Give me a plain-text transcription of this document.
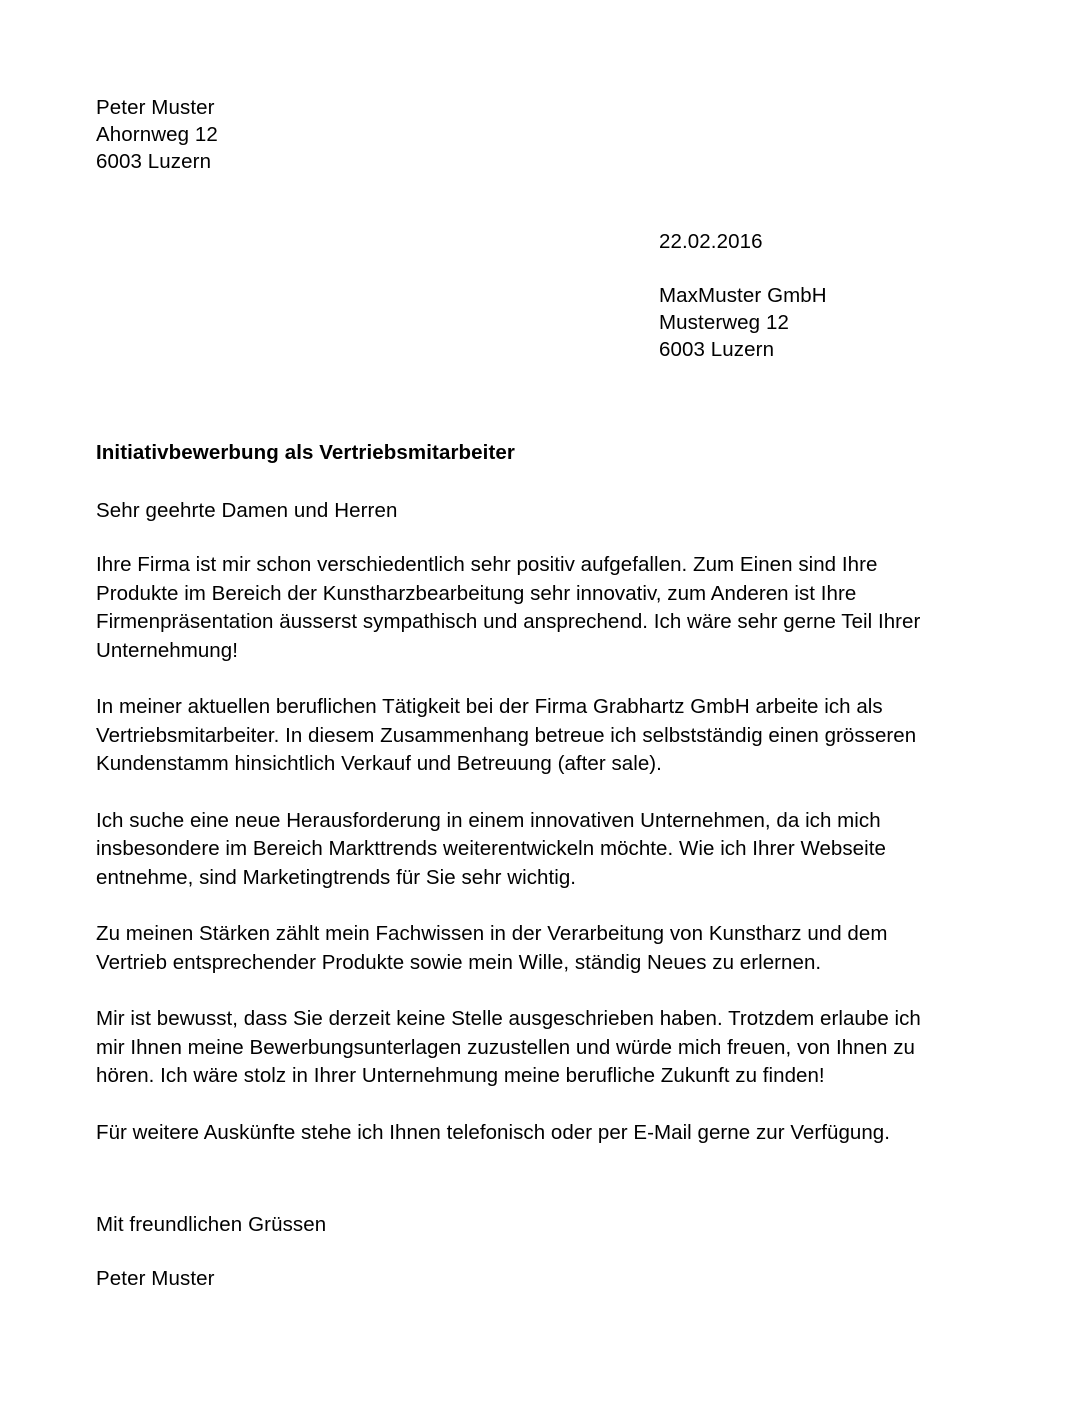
Peter Muster
Ahornweg 12
6003 Luzern
22.02.2016
MaxMuster GmbH
Musterweg 12
6003 Luzern
Initiativbewerbung als Vertriebsmitarbeiter
Sehr geehrte Damen und Herren

Ihre Firma ist mir schon verschiedentlich sehr positiv aufgefallen. Zum Einen sind Ihre Produkte im Bereich der Kunstharzbearbeitung sehr innovativ, zum Anderen ist Ihre Firmenpräsentation äusserst sympathisch und ansprechend. Ich wäre sehr gerne Teil Ihrer Unternehmung!

In meiner aktuellen beruflichen Tätigkeit bei der Firma Grabhartz GmbH arbeite ich als Vertriebsmitarbeiter. In diesem Zusammenhang betreue ich selbstständig einen grösseren Kundenstamm hinsichtlich Verkauf und Betreuung (after sale).

Ich suche eine neue Herausforderung in einem innovativen Unternehmen, da ich mich insbesondere im Bereich Markttrends weiterentwickeln möchte. Wie ich Ihrer Webseite entnehme, sind Marketingtrends für Sie sehr wichtig.

Zu meinen Stärken zählt mein Fachwissen in der Verarbeitung von Kunstharz und dem Vertrieb entsprechender Produkte sowie mein Wille, ständig Neues zu erlernen.

Mir ist bewusst, dass Sie derzeit keine Stelle ausgeschrieben haben. Trotzdem erlaube ich mir Ihnen meine Bewerbungsunterlagen zuzustellen und würde mich freuen, von Ihnen zu hören. Ich wäre stolz in Ihrer Unternehmung meine berufliche Zukunft zu finden!

Für weitere Auskünfte stehe ich Ihnen telefonisch oder per E-Mail gerne zur Verfügung.

Mit freundlichen Grüssen
Peter Muster
